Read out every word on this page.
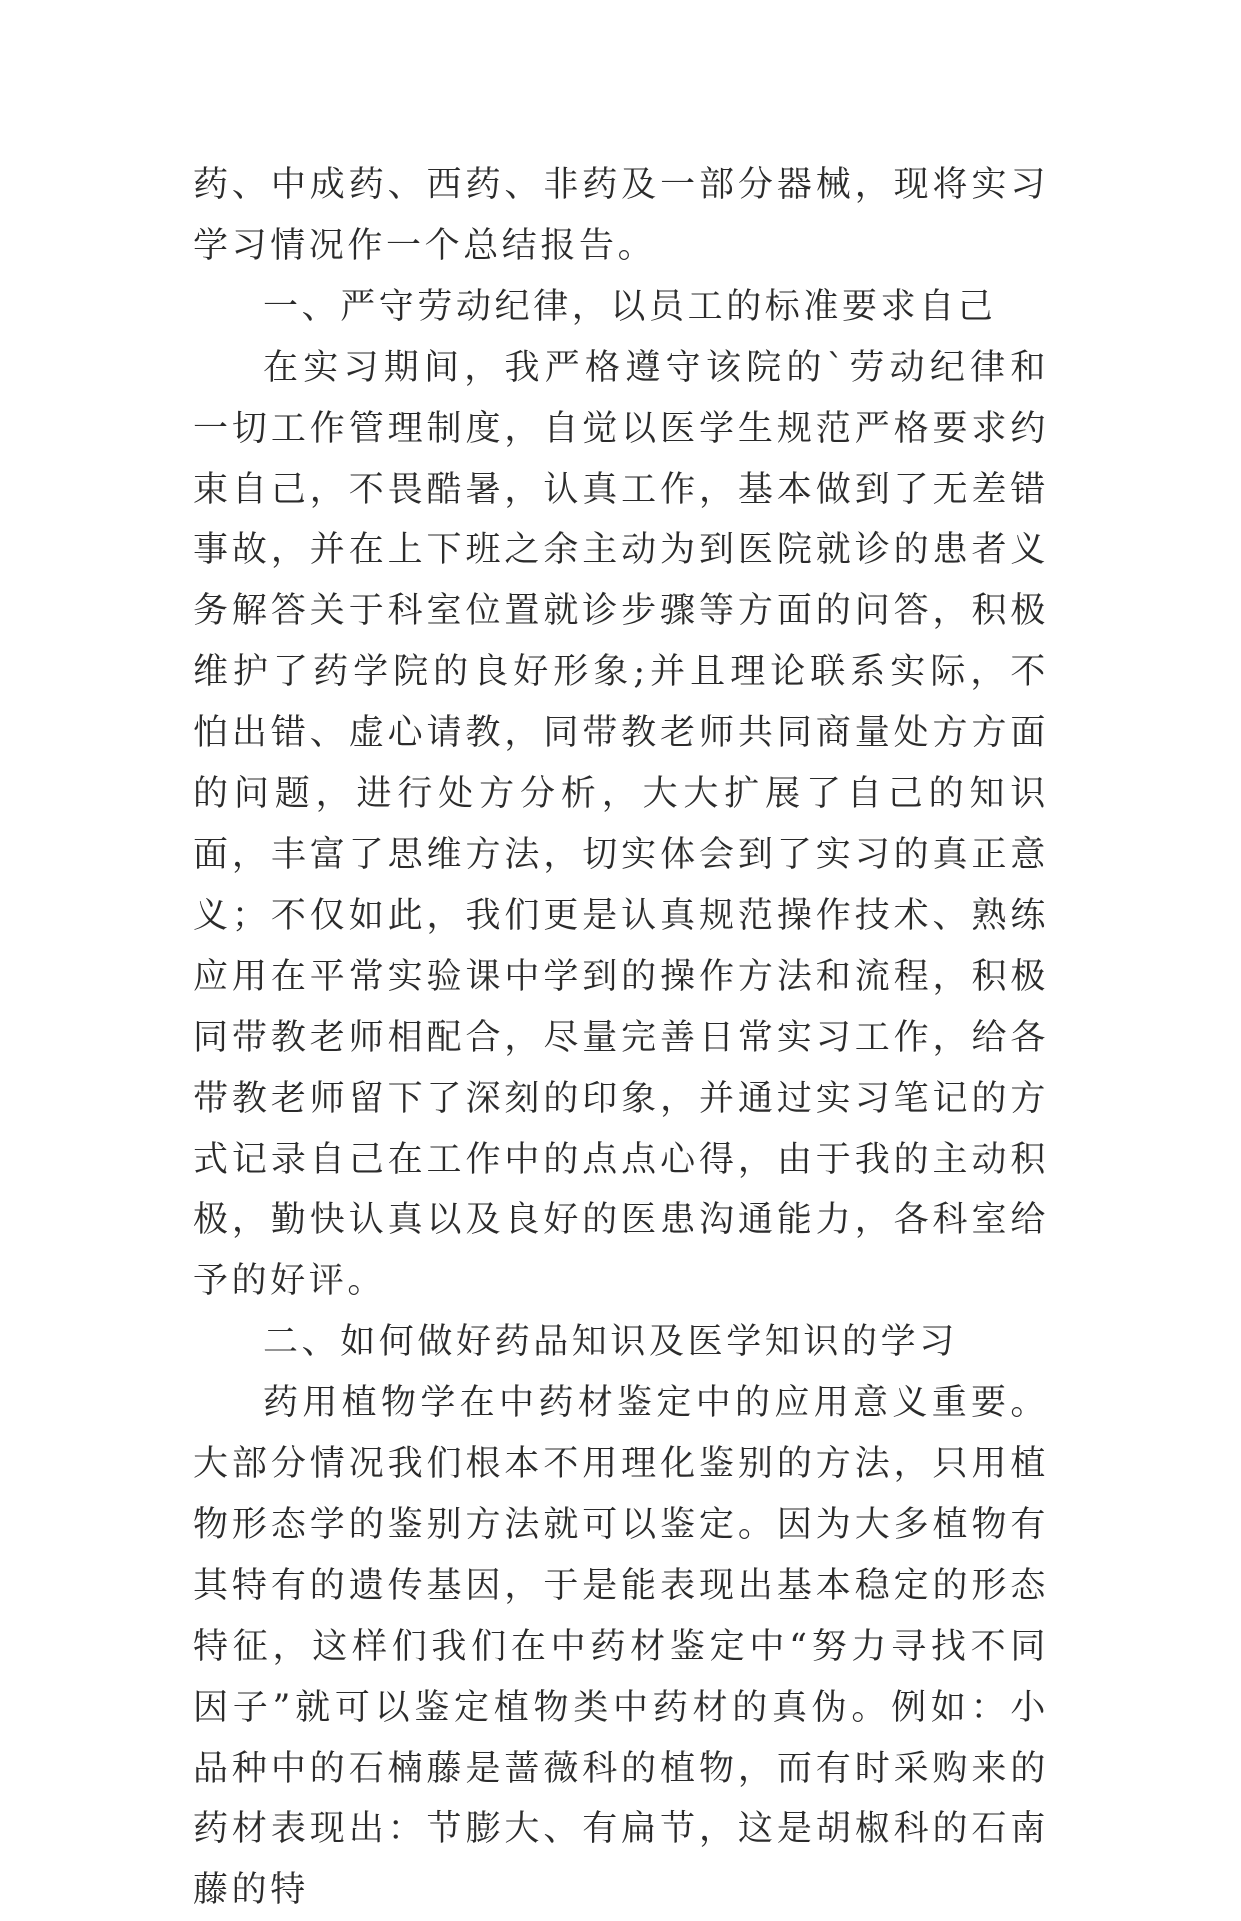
药、中成药、西药、非药及一部分器械，现将实习学习情况作一个总结报告。

一、严守劳动纪律，以员工的标准要求自己

在实习期间，我严格遵守该院的`劳动纪律和一切工作管理制度，自觉以医学生规范严格要求约束自己，不畏酷暑，认真工作，基本做到了无差错事故，并在上下班之余主动为到医院就诊的患者义务解答关于科室位置就诊步骤等方面的问答，积极维护了药学院的良好形象;并且理论联系实际，不怕出错、虚心请教，同带教老师共同商量处方方面的问题，进行处方分析，大大扩展了自己的知识面，丰富了思维方法，切实体会到了实习的真正意义；不仅如此，我们更是认真规范操作技术、熟练应用在平常实验课中学到的操作方法和流程，积极同带教老师相配合，尽量完善日常实习工作，给各带教老师留下了深刻的印象，并通过实习笔记的方式记录自己在工作中的点点心得，由于我的主动积极，勤快认真以及良好的医患沟通能力，各科室给予的好评。

二、如何做好药品知识及医学知识的学习

药用植物学在中药材鉴定中的应用意义重要。大部分情况我们根本不用理化鉴别的方法，只用植物形态学的鉴别方法就可以鉴定。因为大多植物有其特有的遗传基因，于是能表现出基本稳定的形态特征，这样们我们在中药材鉴定中“努力寻找不同因子”就可以鉴定植物类中药材的真伪。例如：小品种中的石楠藤是蔷薇科的植物，而有时采购来的药材表现出：节膨大、有扁节，这是胡椒科的石南藤的特
